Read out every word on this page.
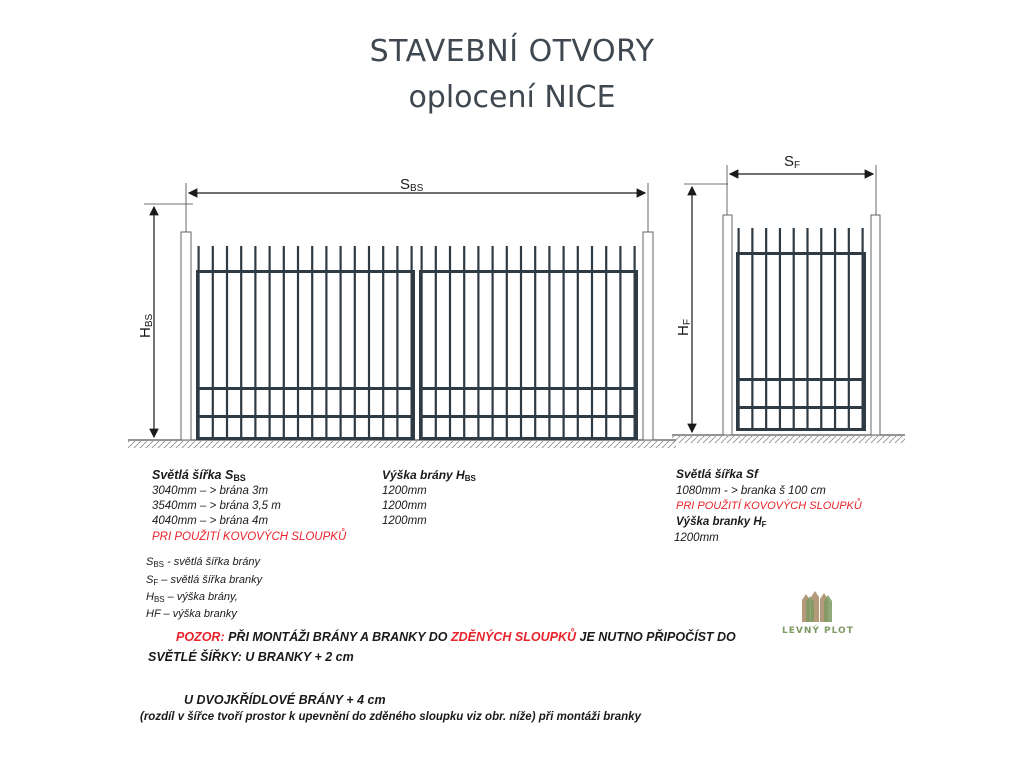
STAVEBNÍ OTVORY
oplocení NICE
SBS
HBS
SF
HF
Světlá šířka $S_{BS}$
3040mm – > brána 3m
3540mm – > brána 3,5 m
4040mm – > brána 4m
PRI POUŽITÍ KOVOVÝCH SLOUPKŮ
Výška brány $H_{BS}$
1200mm
1200mm
1200mm
Světlá šířka Sf
1080mm - > branka š 100 cm
PRI POUŽITÍ KOVOVÝCH SLOUPKŮ
Výška branky $H_F$
1200mm
$S_{BS}$ - světlá šířka brány
$S_F$ – světlá šířka branky
$H_{BS}$ – výška brány,
HF – výška branky
LEVNÝ PLOT
POZOR: PŘI MONTÁŽI BRÁNY A BRANKY DO ZDĚNÝCH SLOUPKŮ JE NUTNO PŘIPOČÍST DO
SVĚTLÉ ŠÍŘKY: U BRANKY + 2 cm
U DVOJKŘÍDLOVÉ BRÁNY + 4 cm
(rozdíl v šířce tvoří prostor k upevnění do zděného sloupku viz obr. níže) při montáži branky
